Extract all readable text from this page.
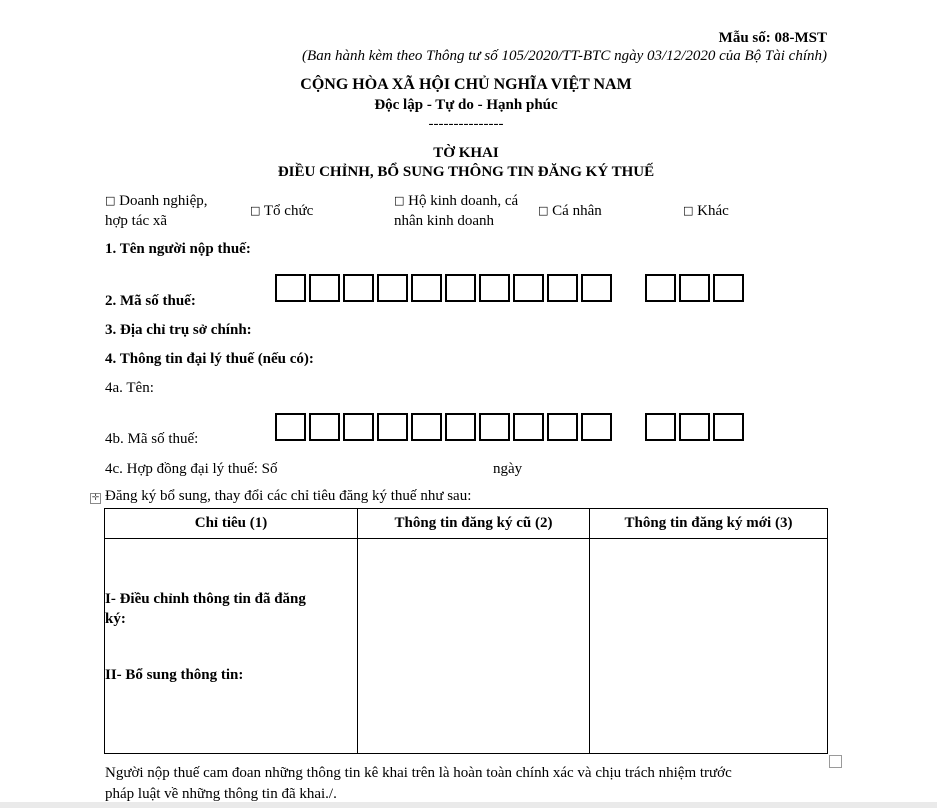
Mẫu số: 08-MST
(Ban hành kèm theo Thông tư số 105/2020/TT-BTC ngày 03/12/2020 của Bộ Tài chính)
CỘNG HÒA XÃ HỘI CHỦ NGHĨA VIỆT NAM
Độc lập - Tự do - Hạnh phúc
---------------
TỜ KHAI
ĐIỀU CHỈNH, BỔ SUNG THÔNG TIN ĐĂNG KÝ THUẾ
□ Doanh nghiệp,
hợp tác xã
□ Tổ chức
□ Hộ kinh doanh, cá
nhân kinh doanh
□ Cá nhân	□ Khác
1. Tên người nộp thuế:
2. Mã số thuế:
3. Địa chỉ trụ sở chính:
4. Thông tin đại lý thuế (nếu có):
4a. Tên:
4b. Mã số thuế:
4c. Hợp đồng đại lý thuế: Số	ngày
✛ Đăng ký bổ sung, thay đổi các chỉ tiêu đăng ký thuế như sau:
Chỉ tiêu (1)	Thông tin đăng ký cũ (2)	Thông tin đăng ký mới (3)

I- Điều chỉnh thông tin đã đăng
ký:
II- Bổ sung thông tin:		

Người nộp thuế cam đoan những thông tin kê khai trên là hoàn toàn chính xác và chịu trách nhiệm trước
pháp luật về những thông tin đã khai./.
